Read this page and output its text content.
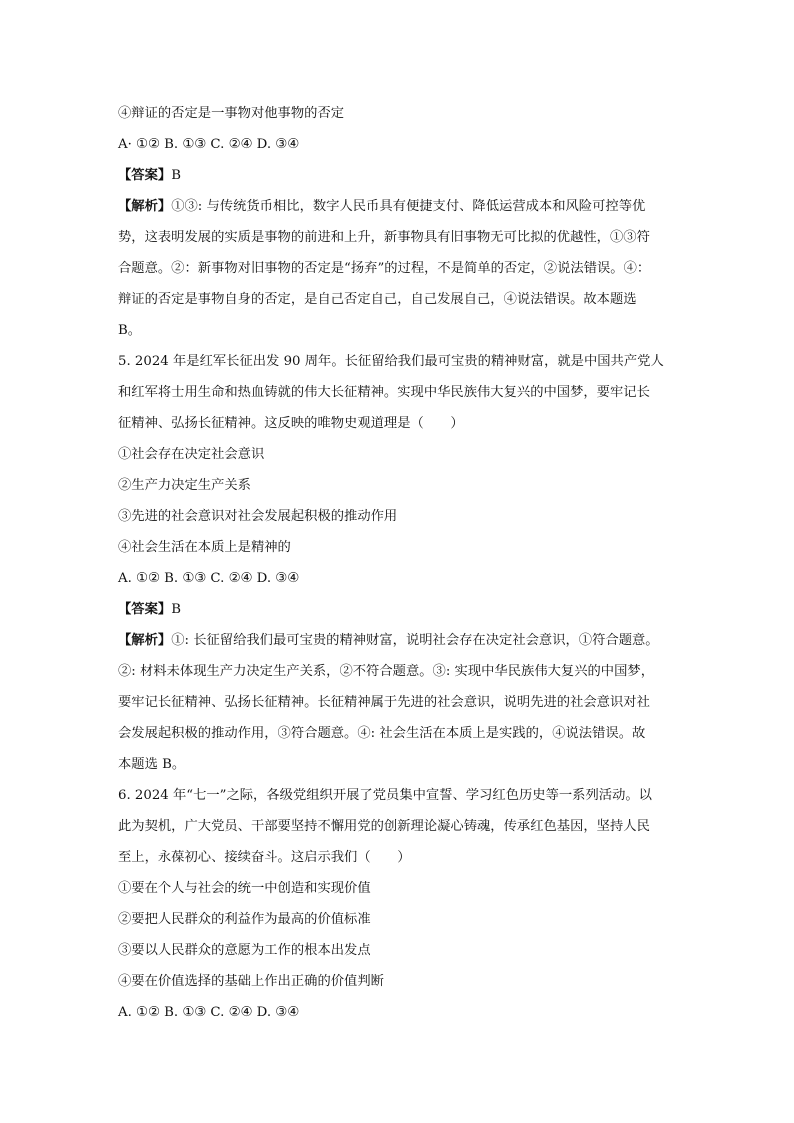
④辩证的否定是一事物对他事物的否定
A· ①② B. ①③ C. ②④ D. ③④
【答案】B
【解析】①③: 与传统货币相比，数字人民币具有便捷支付、降低运营成本和风险可控等优
势，这表明发展的实质是事物的前进和上升，新事物具有旧事物无可比拟的优越性，①③符
合题意。②：新事物对旧事物的否定是“扬弃”的过程，不是简单的否定，②说法错误。④：
辩证的否定是事物自身的否定，是自己否定自己，自己发展自己，④说法错误。故本题选
B。
5. 2024 年是红军长征出发 90 周年。长征留给我们最可宝贵的精神财富，就是中国共产党人
和红军将士用生命和热血铸就的伟大长征精神。实现中华民族伟大复兴的中国梦，要牢记长
征精神、弘扬长征精神。这反映的唯物史观道理是（　　）
①社会存在决定社会意识
②生产力决定生产关系
③先进的社会意识对社会发展起积极的推动作用
④社会生活在本质上是精神的
A. ①② B. ①③ C. ②④ D. ③④
【答案】B
【解析】①: 长征留给我们最可宝贵的精神财富，说明社会存在决定社会意识，①符合题意。
②: 材料未体现生产力决定生产关系，②不符合题意。③: 实现中华民族伟大复兴的中国梦，
要牢记长征精神、弘扬长征精神。长征精神属于先进的社会意识，说明先进的社会意识对社
会发展起积极的推动作用，③符合题意。④: 社会生活在本质上是实践的，④说法错误。故
本题选 B。
6. 2024 年“七一”之际，各级党组织开展了党员集中宣誓、学习红色历史等一系列活动。以
此为契机，广大党员、干部要坚持不懈用党的创新理论凝心铸魂，传承红色基因，坚持人民
至上，永葆初心、接续奋斗。这启示我们（　　）
①要在个人与社会的统一中创造和实现价值
②要把人民群众的利益作为最高的价值标准
③要以人民群众的意愿为工作的根本出发点
④要在价值选择的基础上作出正确的价值判断
A. ①② B. ①③ C. ②④ D. ③④
